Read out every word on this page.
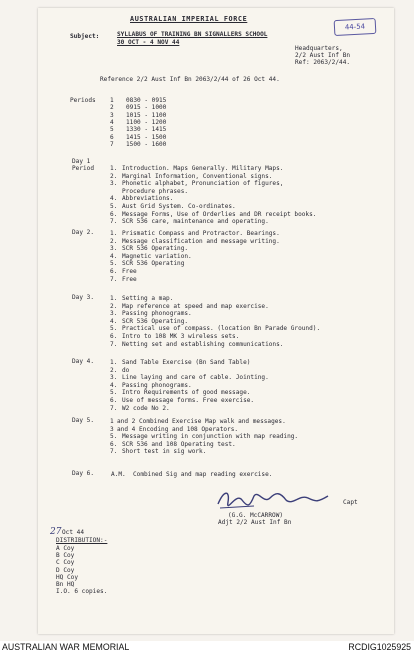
AUSTRALIAN IMPERIAL FORCE
44-54
Subject:	SYLLABUS OF TRAINING BN SIGNALLERS SCHOOL
30 OCT - 4 NOV 44
Headquarters,
2/2 Aust Inf Bn
Ref: 2063/2/44.
Reference 2/2 Aust Inf Bn 2063/2/44 of 26 Oct 44.
Periods 1 0830 - 0915
2 0915 - 1000
3 1015 - 1100
4 1100 - 1200
5 1330 - 1415
6 1415 - 1500
7 1500 - 1600
Day 1
Period	1. Introduction. Maps Generally. Military Maps.
2. Marginal Information, Conventional signs.
3. Phonetic alphabet, Pronunciation of figures,
Procedure phrases.
4. Abbreviations.
5. Aust Grid System. Co-ordinates.
6. Message Forms, Use of Orderlies and DR receipt books.
7. SCR 536 care, maintenance and operating.
Day 2.	1. Prismatic Compass and Protractor. Bearings.
2. Message classification and message writing.
3. SCR 536 Operating.
4. Magnetic variation.
5. SCR 536 Operating
6. Free
7. Free
Day 3.	1. Setting a map.
2. Map reference at speed and map exercise.
3. Passing phonograms.
4. SCR 536 Operating.
5. Practical use of compass. (location Bn Parade Ground).
6. Intro to 108 MK 3 wireless sets.
7. Netting set and establishing communications.
Day 4.	1. Sand Table Exercise (Bn Sand Table)
2. do
3. Line laying and care of cable. Jointing.
4. Passing phonograms.
5. Intro Requirements of good message.
6. Use of message forms. Free exercise.
7. W2 code No 2.
Day 5.	1 and 2 Combined Exercise Map walk and messages.
3 and 4 Encoding and 108 Operators.
5. Message writing in conjunction with map reading.
6. SCR 536 and 108 Operating test.
7. Short test in sig work.
Day 6.	A.M. Combined Sig and map reading exercise.
Capt
(G.G. McCARROW)
Adjt 2/2 Aust Inf Bn
27 Oct 44
DISTRIBUTION:-
A Coy
B Coy
C Coy
D Coy
HQ Coy
Bn HQ
I.O. 6 copies.
AUSTRALIAN WAR MEMORIAL	RCDIG1025925
